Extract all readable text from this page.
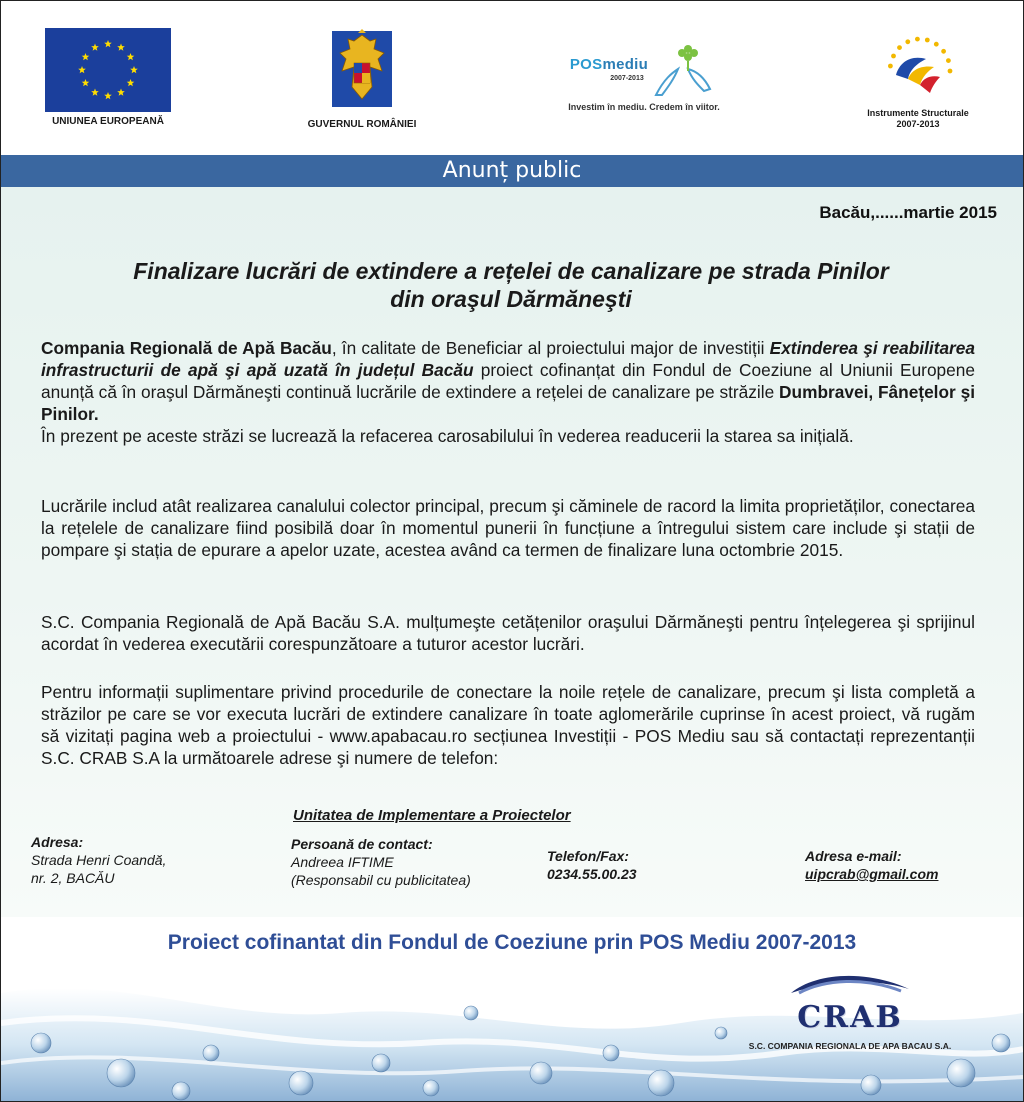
UNIUNEA EUROPEANĂ	GUVERNUL ROMÂNIEI
POSmediu
2007-2013
Investim în mediu. Credem în viitor.
Instrumente Structurale
2007-2013
Anunț public
Bacău,......martie 2015
Finalizare lucrări de extindere a rețelei de canalizare pe strada Pinilor
din oraşul Dărmăneşti
Compania Regională de Apă Bacău, în calitate de Beneficiar al proiectului major de investiții Extinderea şi reabilitarea infrastructurii de apă şi apă uzată în județul Bacău proiect cofinanțat din Fondul de Coeziune al Uniunii Europene anunță că în oraşul Dărmăneşti continuă lucrările de extindere a rețelei de canalizare pe străzile Dumbravei, Fânețelor şi Pinilor.
În prezent pe aceste străzi se lucrează la refacerea carosabilului în vederea readucerii la starea sa inițială.
Lucrările includ atât realizarea canalului colector principal, precum şi căminele de racord la limita proprietăților, conectarea la rețelele de canalizare fiind posibilă doar în momentul punerii în funcțiune a întregului sistem care include şi stații de pompare şi stația de epurare a apelor uzate, acestea având ca termen de finalizare luna octombrie 2015.
S.C. Compania Regională de Apă Bacău S.A. mulțumeşte cetățenilor oraşului Dărmăneşti pentru înțelegerea şi sprijinul acordat în vederea executării corespunzătoare a tuturor acestor lucrări.
Pentru informații suplimentare privind procedurile de conectare la noile rețele de canalizare, precum şi lista completă a străzilor pe care se vor executa lucrări de extindere canalizare în toate aglomerările cuprinse în acest proiect, vă rugăm să vizitați pagina web a proiectului - www.apabacau.ro secțiunea Investiții - POS Mediu sau să contactați reprezentanții S.C. CRAB S.A la următoarele adrese şi numere de telefon:
Unitatea de Implementare a Proiectelor
Adresa:
Strada Henri Coandă,
nr. 2, BACĂU
Persoană de contact:
Andreea IFTIME
(Responsabil cu publicitatea)
Telefon/Fax:
0234.55.00.23
Adresa e-mail:
uipcrab@gmail.com
Proiect cofinantat din Fondul de Coeziune prin POS Mediu 2007-2013
CRAB
S.C. COMPANIA REGIONALA DE APA BACAU S.A.
